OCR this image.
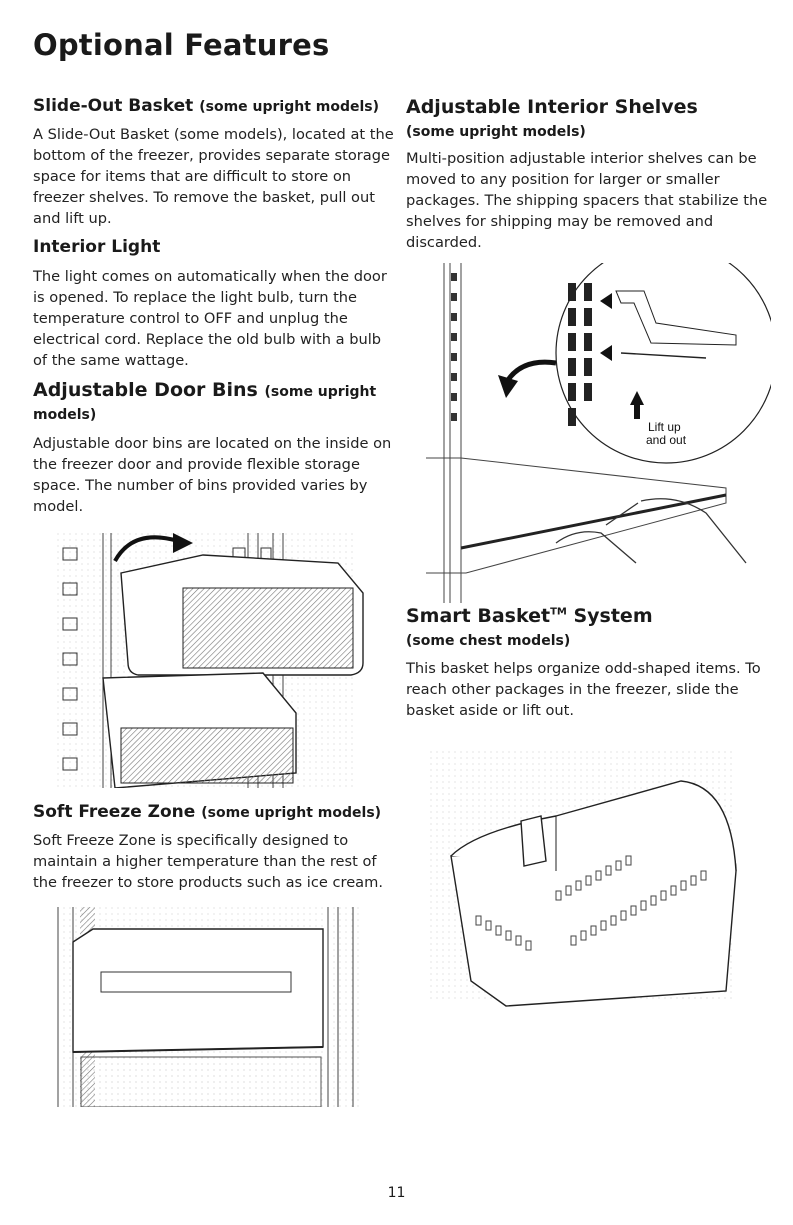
Optional Features

Slide-Out Basket (some upright models)

A Slide-Out Basket (some models), located at the bottom of the freezer, provides separate storage space for items that are difficult to store on freezer shelves. To remove the basket, pull out and lift up.

Interior Light

The light comes on automatically when the door is opened. To replace the light bulb, turn the temperature control to OFF and unplug the electrical cord. Replace the old bulb with a bulb of the same wattage.

Adjustable Door Bins (some upright models)

Adjustable door bins are located on the inside on the freezer door and provide flexible storage space. The number of bins provided varies by model.

Soft Freeze Zone (some upright models)

Soft Freeze Zone is specifically designed to maintain a higher temperature than the rest of the freezer to store products such as ice cream.

Adjustable Interior Shelves

(some upright models)

Multi-position adjustable interior shelves can be moved to any position for larger or smaller packages. The shipping spacers that stabilize the shelves for shipping may be removed and discarded.

Lift up
and out

Smart Basket™ System

(some chest models)

This basket helps organize odd-shaped items. To reach other packages in the freezer, slide the basket aside or lift out.

11
